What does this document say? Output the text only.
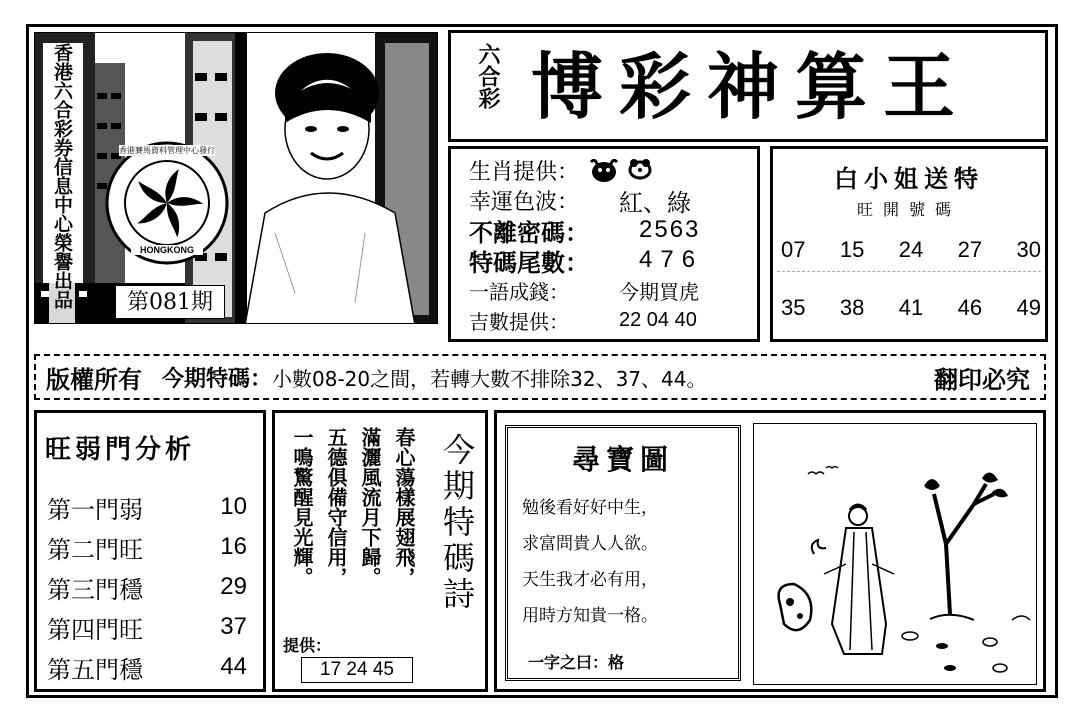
香港六合彩券信息中心榮譽出品	香港賽馬資料管理中心發行
HONGKONG
第081期
六合彩 博彩神算王
生肖提供：
幸運色波：	紅、綠
不離密碼：	2563
特碼尾數：	476
一語成錢：	今期買虎
吉數提供：	22 04 40
白小姐送特
旺開號碼
07 15 24 27 30
35 38 41 46 49
版權所有 今期特碼： 小數08-20之間，若轉大數不排除32、37、44。	翻印必究
旺弱門分析
第一門弱	10
第二門旺	16
第三門穩	29
第四門旺	37
第五門穩	44
春心蕩樣展翅飛，
滿灑風流月下歸。
五德俱備守信用，
一鳴驚醒見光輝。	今期特碼詩
提供：
17 24 45
尋寶圖
勉後看好好中生，
求富問貴人人欲。
天生我才必有用，
用時方知貴一格。
一字之曰：格
